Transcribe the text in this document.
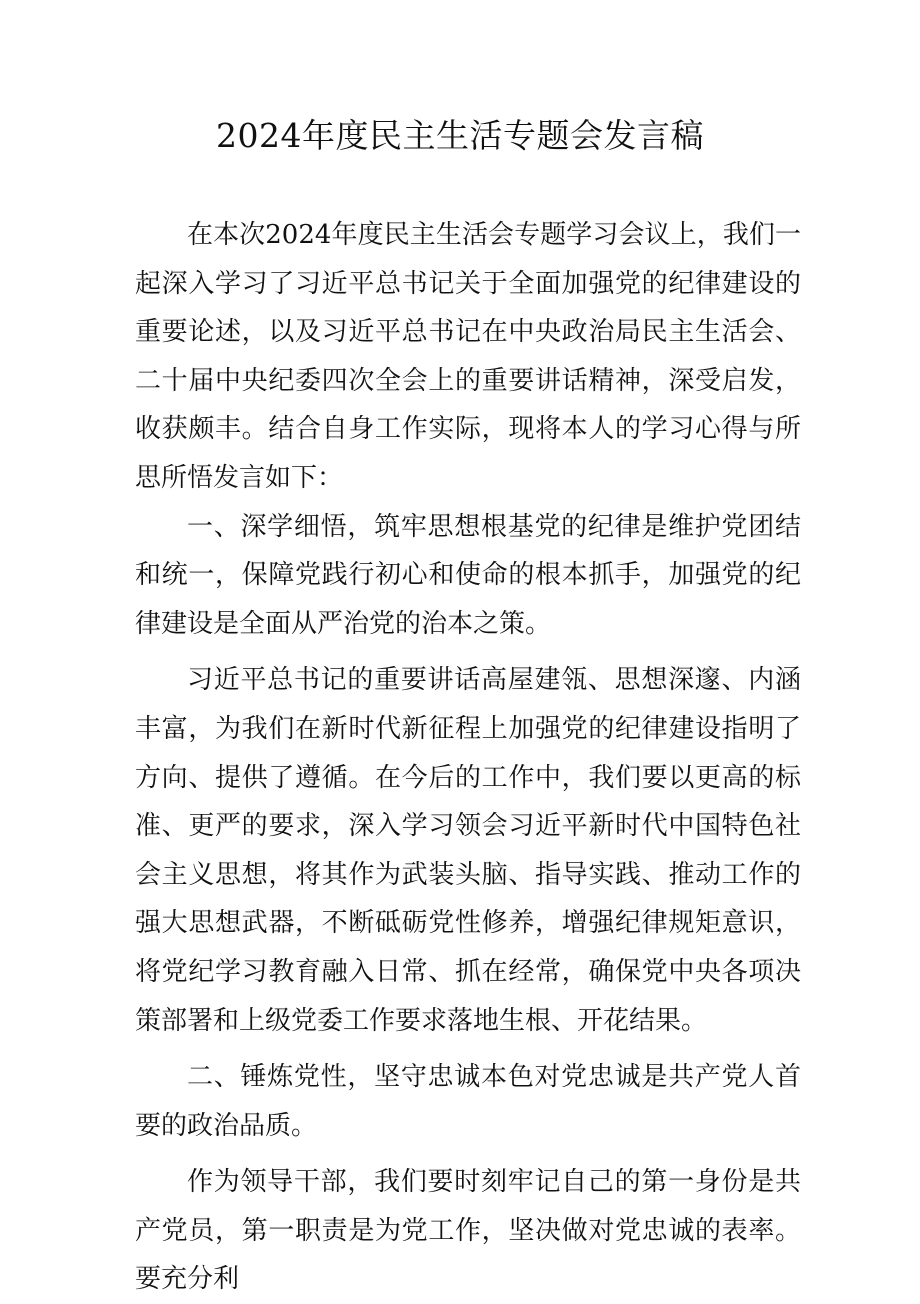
2024年度民主生活专题会发言稿

在本次2024年度民主生活会专题学习会议上，我们一起深入学习了习近平总书记关于全面加强党的纪律建设的重要论述，以及习近平总书记在中央政治局民主生活会、二十届中央纪委四次全会上的重要讲话精神，深受启发，收获颇丰。结合自身工作实际，现将本人的学习心得与所思所悟发言如下：

一、深学细悟，筑牢思想根基党的纪律是维护党团结和统一，保障党践行初心和使命的根本抓手，加强党的纪律建设是全面从严治党的治本之策。

习近平总书记的重要讲话高屋建瓴、思想深邃、内涵丰富，为我们在新时代新征程上加强党的纪律建设指明了方向、提供了遵循。在今后的工作中，我们要以更高的标准、更严的要求，深入学习领会习近平新时代中国特色社会主义思想，将其作为武装头脑、指导实践、推动工作的强大思想武器，不断砥砺党性修养，增强纪律规矩意识，将党纪学习教育融入日常、抓在经常，确保党中央各项决策部署和上级党委工作要求落地生根、开花结果。

二、锤炼党性，坚守忠诚本色对党忠诚是共产党人首要的政治品质。

作为领导干部，我们要时刻牢记自己的第一身份是共产党员，第一职责是为党工作，坚决做对党忠诚的表率。要充分利
